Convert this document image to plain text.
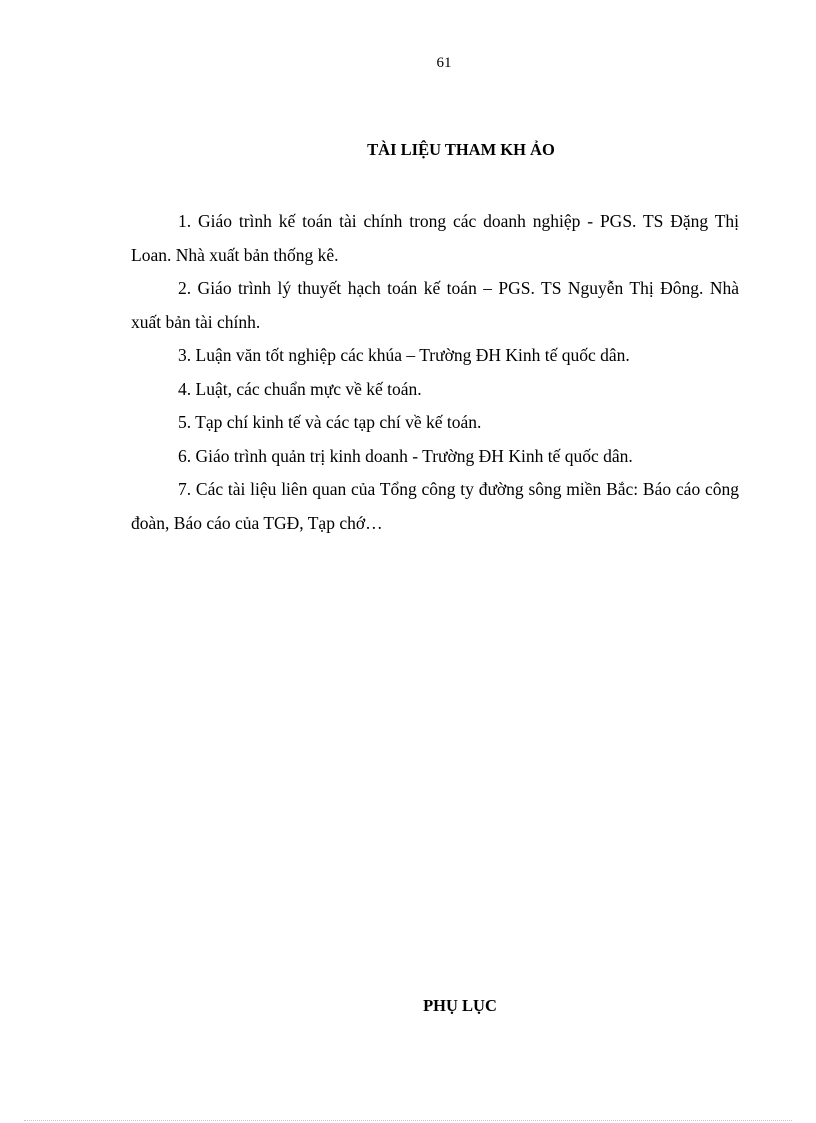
61
TÀI LIỆU THAM KH ẢO
1. Giáo trình kế toán tài chính trong các doanh nghiệp - PGS. TS Đặng Thị Loan. Nhà xuất bản thống kê.
2. Giáo trình lý thuyết hạch toán kế toán – PGS. TS Nguyễn Thị Đông. Nhà xuất bản tài chính.
3. Luận văn tốt nghiệp các khúa – Trường ĐH Kinh tế quốc dân.
4. Luật, các chuẩn mực về kế toán.
5. Tạp chí kinh tế và các tạp chí về kế toán.
6. Giáo trình quản trị kinh doanh - Trường ĐH Kinh tế quốc dân.
7. Các tài liệu liên quan của Tổng công ty đường sông miền Bắc: Báo cáo công đoàn, Báo cáo của TGĐ, Tạp chớ…
PHỤ LỤC
